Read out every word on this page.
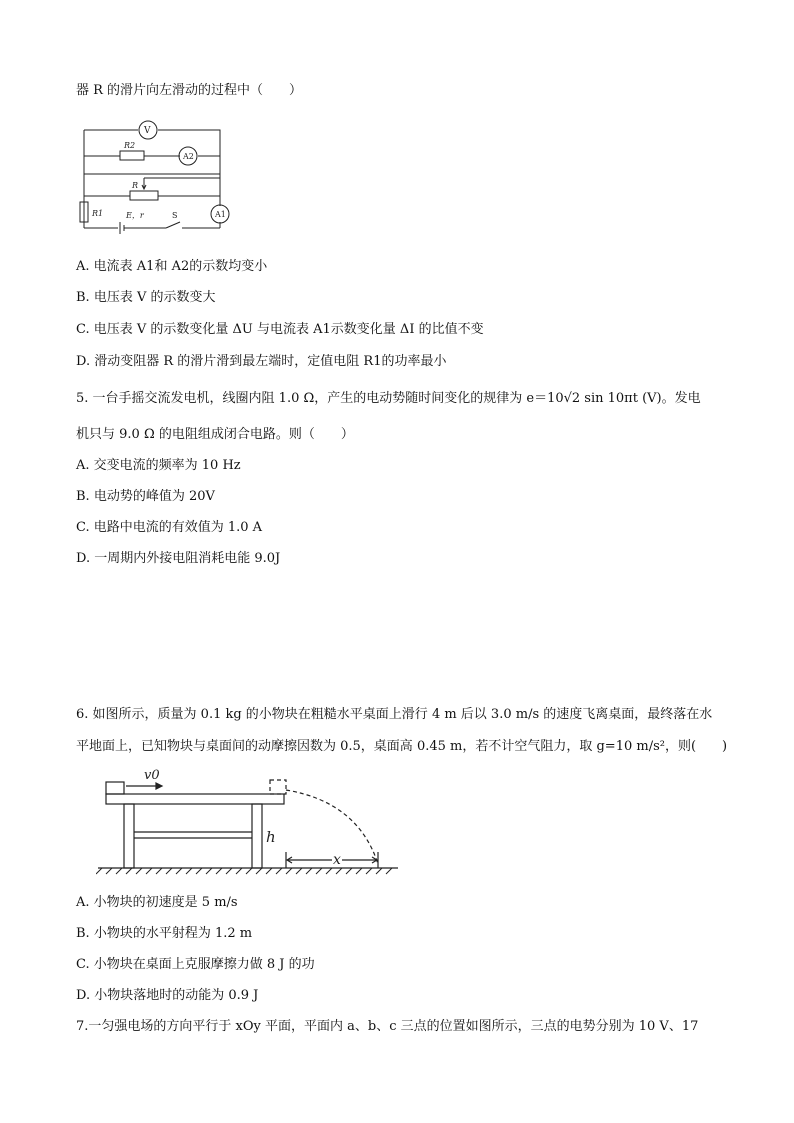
器 R 的滑片向左滑动的过程中（　　）
V
A2
A1
R2
R
R1	E，r	S
A. 电流表 A1和 A2的示数均变小
B. 电压表 V 的示数变大
C. 电压表 V 的示数变化量 ΔU 与电流表 A1示数变化量 ΔI 的比值不变
D. 滑动变阻器 R 的滑片滑到最左端时，定值电阻 R1的功率最小
5. 一台手摇交流发电机，线圈内阻 1.0 Ω，产生的电动势随时间变化的规律为 e＝10√2 sin 10πt (V)。发电
机只与 9.0 Ω 的电阻组成闭合电路。则（　　）
A. 交变电流的频率为 10 Hz
B. 电动势的峰值为 20V
C. 电路中电流的有效值为 1.0 A
D. 一周期内外接电阻消耗电能 9.0J
6. 如图所示，质量为 0.1 kg 的小物块在粗糙水平桌面上滑行 4 m 后以 3.0 m/s 的速度飞离桌面，最终落在水
平地面上，已知物块与桌面间的动摩擦因数为 0.5，桌面高 0.45 m，若不计空气阻力，取 g=10 m/s²，则(　　)
v0
h
x
A. 小物块的初速度是 5 m/s
B. 小物块的水平射程为 1.2 m
C. 小物块在桌面上克服摩擦力做 8 J 的功
D. 小物块落地时的动能为 0.9 J
7.一匀强电场的方向平行于 xOy 平面，平面内 a、b、c 三点的位置如图所示，三点的电势分别为 10 V、17
